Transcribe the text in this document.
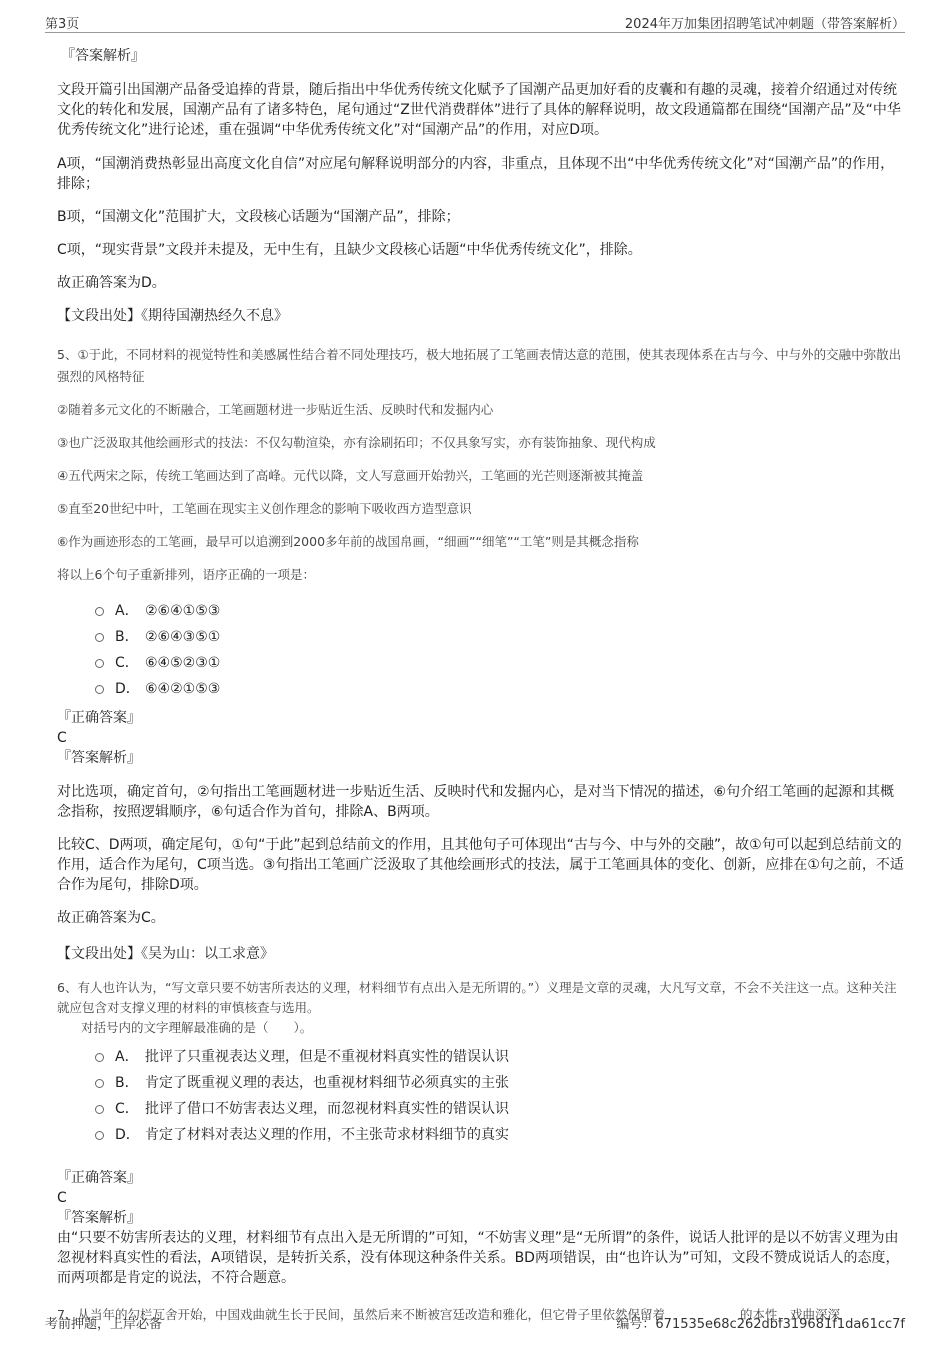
第3页	2024年万加集团招聘笔试冲刺题（带答案解析）

『答案解析』

文段开篇引出国潮产品备受追捧的背景，随后指出中华优秀传统文化赋予了国潮产品更加好看的皮囊和有趣的灵魂，接着介绍通过对传统文化的转化和发展，国潮产品有了诸多特色，尾句通过“Z世代消费群体”进行了具体的解释说明，故文段通篇都在围绕“国潮产品”及“中华优秀传统文化”进行论述，重在强调“中华优秀传统文化”对“国潮产品”的作用，对应D项。

A项，“国潮消费热彰显出高度文化自信”对应尾句解释说明部分的内容，非重点，且体现不出“中华优秀传统文化”对“国潮产品”的作用，排除；

B项，“国潮文化”范围扩大，文段核心话题为“国潮产品”，排除；

C项，“现实背景”文段并未提及，无中生有，且缺少文段核心话题“中华优秀传统文化”，排除。

故正确答案为D。

【文段出处】《期待国潮热经久不息》

5、①于此，不同材料的视觉特性和美感属性结合着不同处理技巧，极大地拓展了工笔画表情达意的范围，使其表现体系在古与今、中与外的交融中弥散出强烈的风格特征

②随着多元文化的不断融合，工笔画题材进一步贴近生活、反映时代和发掘内心

③也广泛汲取其他绘画形式的技法：不仅勾勒渲染，亦有涂刷拓印；不仅具象写实，亦有装饰抽象、现代构成

④五代两宋之际，传统工笔画达到了高峰。元代以降，文人写意画开始勃兴，工笔画的光芒则逐渐被其掩盖

⑤直至20世纪中叶，工笔画在现实主义创作理念的影响下吸收西方造型意识

⑥作为画迹形态的工笔画，最早可以追溯到2000多年前的战国帛画，“细画”“细笔”“工笔”则是其概念指称

将以上6个句子重新排列，语序正确的一项是：

A． ②⑥④①⑤③

B． ②⑥④③⑤①

C． ⑥④⑤②③①

D． ⑥④②①⑤③

『正确答案』

C

『答案解析』

对比选项，确定首句，②句指出工笔画题材进一步贴近生活、反映时代和发掘内心，是对当下情况的描述，⑥句介绍工笔画的起源和其概念指称，按照逻辑顺序，⑥句适合作为首句，排除A、B两项。

比较C、D两项，确定尾句，①句“于此”起到总结前文的作用，且其他句子可体现出“古与今、中与外的交融”，故①句可以起到总结前文的作用，适合作为尾句，C项当选。③句指出工笔画广泛汲取了其他绘画形式的技法，属于工笔画具体的变化、创新，应排在①句之前，不适合作为尾句，排除D项。

故正确答案为C。

【文段出处】《吴为山：以工求意》

6、有人也许认为，“写文章只要不妨害所表达的义理，材料细节有点出入是无所谓的。”）义理是文章的灵魂，大凡写文章，不会不关注这一点。这种关注就应包含对支撑义理的材料的审慎核查与选用。

对括号内的文字理解最准确的是（　　）。

A． 批评了只重视表达义理，但是不重视材料真实性的错误认识

B． 肯定了既重视义理的表达，也重视材料细节必须真实的主张

C． 批评了借口不妨害表达义理，而忽视材料真实性的错误认识

D． 肯定了材料对表达义理的作用，不主张苛求材料细节的真实

『正确答案』

C

『答案解析』

由“只要不妨害所表达的义理，材料细节有点出入是无所谓的”可知，“不妨害义理”是“无所谓”的条件，说话人批评的是以不妨害义理为由忽视材料真实性的看法，A项错误，是转折关系，没有体现这种条件关系。BD两项错误，由“也许认为”可知，文段不赞成说话人的态度，而两项都是肯定的说法，不符合题意。

7、从当年的勾栏瓦舍开始，中国戏曲就生长于民间，虽然后来不断被宫廷改造和雅化，但它骨子里依然保留着　　　　　　的本性，戏曲深深

考前押题，上岸必备	编号：671535e68c262dbf319681f1da61cc7f
